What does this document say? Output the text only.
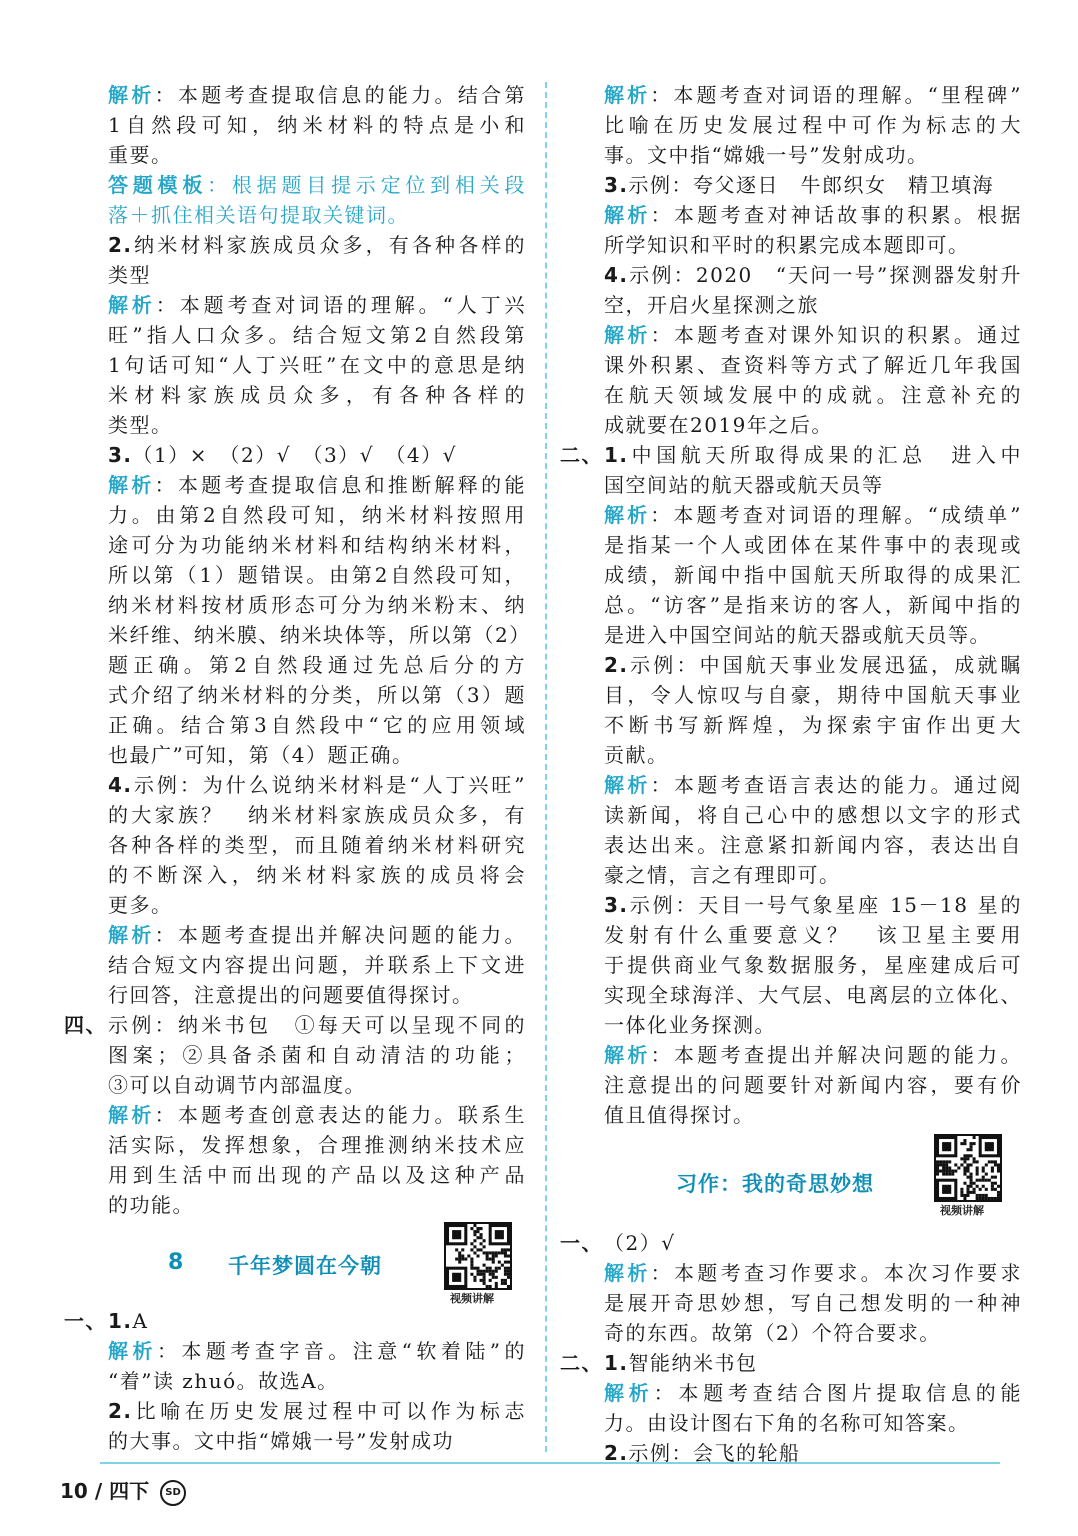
解析：本题考查提取信息的能力。结合第
1自然段可知，纳米材料的特点是小和
重要。
答题模板：根据题目提示定位到相关段
落＋抓住相关语句提取关键词。
2.纳米材料家族成员众多，有各种各样的
类型
解析：本题考查对词语的理解。“人丁兴
旺”指人口众多。结合短文第2自然段第
1句话可知“人丁兴旺”在文中的意思是纳
米材料家族成员众多，有各种各样的
类型。
3.（1）×　（2）√　（3）√　（4）√
解析：本题考查提取信息和推断解释的能
力。由第2自然段可知，纳米材料按照用
途可分为功能纳米材料和结构纳米材料，
所以第（1）题错误。由第2自然段可知，
纳米材料按材质形态可分为纳米粉末、纳
米纤维、纳米膜、纳米块体等，所以第（2）
题正确。第2自然段通过先总后分的方
式介绍了纳米材料的分类，所以第（3）题
正确。结合第3自然段中“它的应用领域
也最广”可知，第（4）题正确。
4.示例：为什么说纳米材料是“人丁兴旺”
的大家族？　纳米材料家族成员众多，有
各种各样的类型，而且随着纳米材料研究
的不断深入，纳米材料家族的成员将会
更多。
解析：本题考查提出并解决问题的能力。
结合短文内容提出问题，并联系上下文进
行回答，注意提出的问题要值得探讨。
四、 示例：纳米书包　①每天可以呈现不同的
图案；②具备杀菌和自动清洁的功能；
③可以自动调节内部温度。
解析：本题考查创意表达的能力。联系生
活实际，发挥想象，合理推测纳米技术应
用到生活中而出现的产品以及这种产品
的功能。
8 千年梦圆在今朝
视频讲解
一、 1.A
解析：本题考查字音。注意“软着陆”的
“着”读 zhuó。故选A。
2.比喻在历史发展过程中可以作为标志
的大事。文中指“嫦娥一号”发射成功
解析：本题考查对词语的理解。“里程碑”
比喻在历史发展过程中可作为标志的大
事。文中指“嫦娥一号”发射成功。
3.示例：夸父逐日　牛郎织女　精卫填海
解析：本题考查对神话故事的积累。根据
所学知识和平时的积累完成本题即可。
4.示例：2020　“天问一号”探测器发射升
空，开启火星探测之旅
解析：本题考查对课外知识的积累。通过
课外积累、查资料等方式了解近几年我国
在航天领域发展中的成就。注意补充的
成就要在2019年之后。
二、 1.中国航天所取得成果的汇总　进入中
国空间站的航天器或航天员等
解析：本题考查对词语的理解。“成绩单”
是指某一个人或团体在某件事中的表现或
成绩，新闻中指中国航天所取得的成果汇
总。“访客”是指来访的客人，新闻中指的
是进入中国空间站的航天器或航天员等。
2.示例：中国航天事业发展迅猛，成就瞩
目，令人惊叹与自豪，期待中国航天事业
不断书写新辉煌，为探索宇宙作出更大
贡献。
解析：本题考查语言表达的能力。通过阅
读新闻，将自己心中的感想以文字的形式
表达出来。注意紧扣新闻内容，表达出自
豪之情，言之有理即可。
3.示例：天目一号气象星座 15－18 星的
发射有什么重要意义？　该卫星主要用
于提供商业气象数据服务，星座建成后可
实现全球海洋、大气层、电离层的立体化、
一体化业务探测。
解析：本题考查提出并解决问题的能力。
注意提出的问题要针对新闻内容，要有价
值且值得探讨。
习作：我的奇思妙想
视频讲解
一、 （2）√
解析：本题考查习作要求。本次习作要求
是展开奇思妙想，写自己想发明的一种神
奇的东西。故第（2）个符合要求。
二、 1.智能纳米书包
解析：本题考查结合图片提取信息的能
力。由设计图右下角的名称可知答案。
2.示例：会飞的轮船
10 / 四下 SD
